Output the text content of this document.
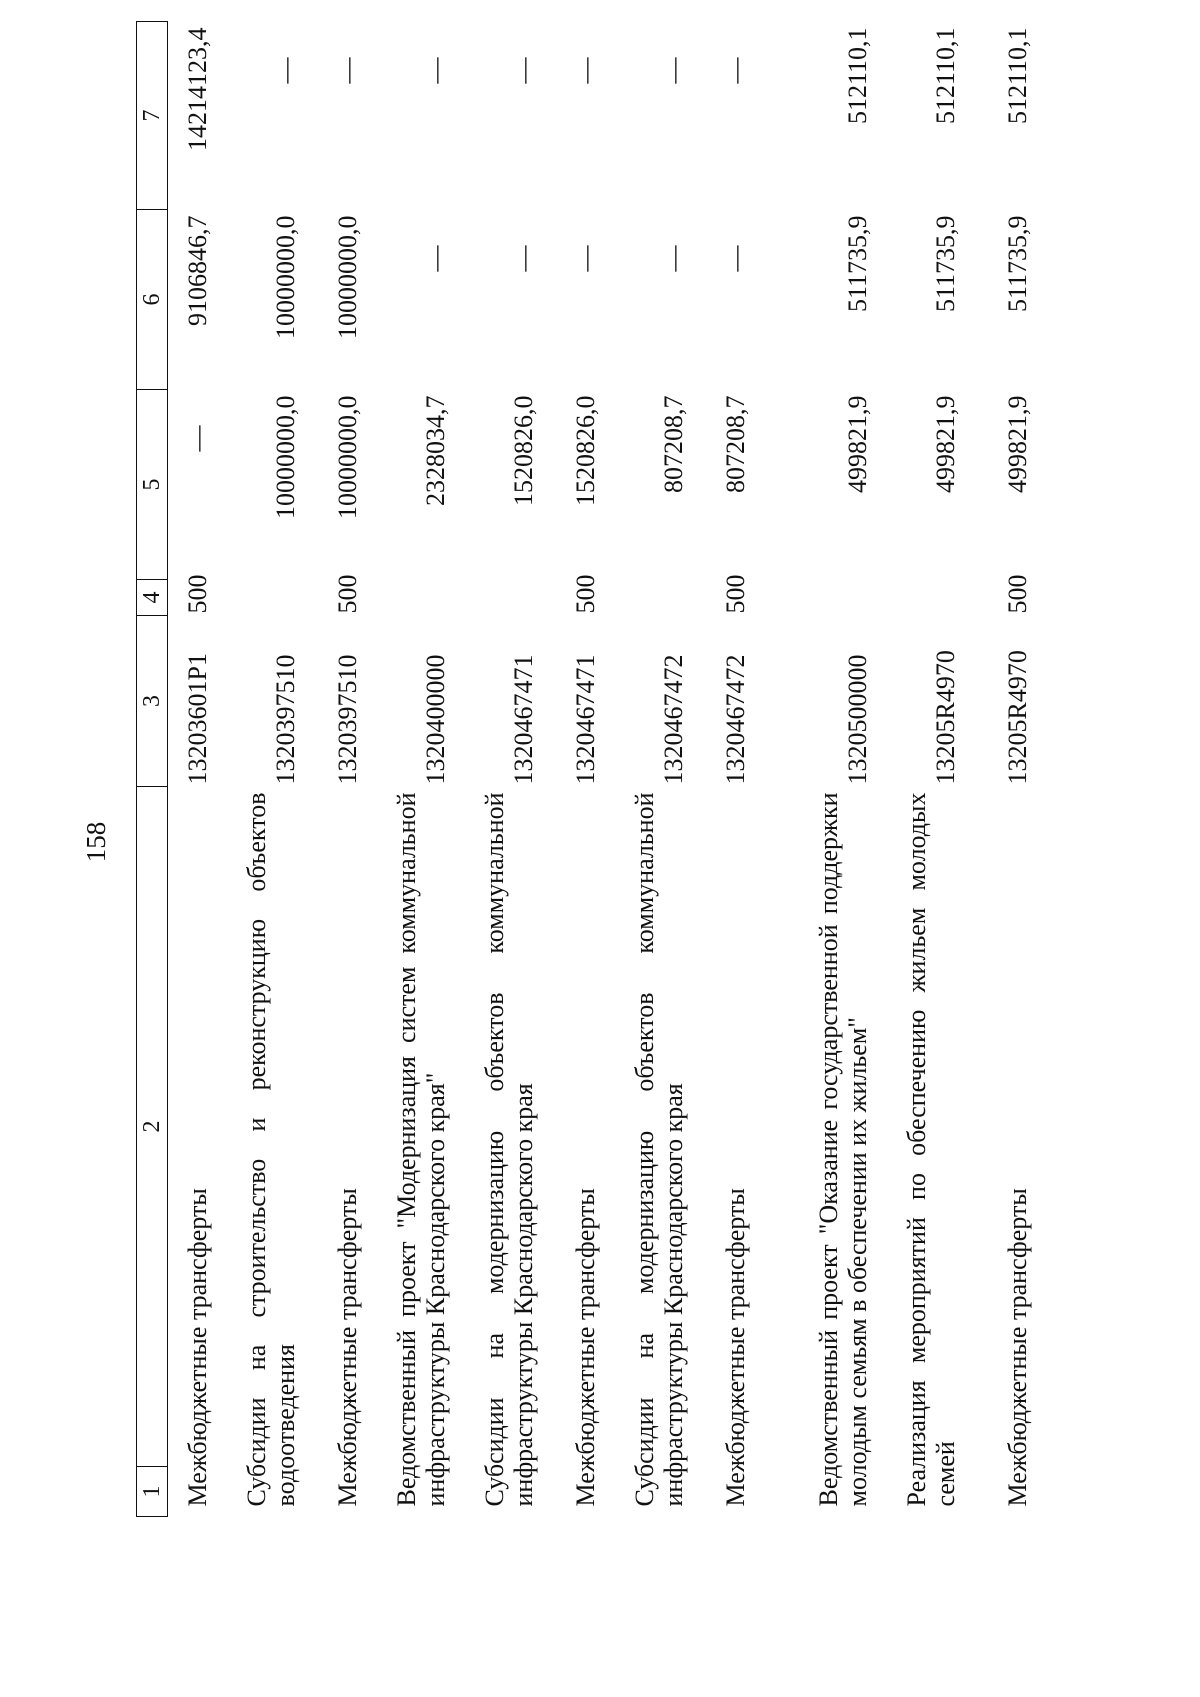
158
1	2	3	4	5	6	7
Межбюджетные трансферты		13203601P1	500	—	9106846,7	14214123,4
Субсидии на строительство и реконструкцию объектов водоотведения		1320397510		10000000,0	10000000,0	—
Межбюджетные трансферты		1320397510	500	10000000,0	10000000,0	—
Ведомственный проект "Модернизация систем коммунальной инфраструктуры Краснодарского края"		1320400000		2328034,7	—	—
Субсидии на модернизацию объектов коммунальной инфраструктуры Краснодарского края		1320467471		1520826,0	—	—
Межбюджетные трансферты		1320467471	500	1520826,0	—	—
Субсидии на модернизацию объектов коммунальной инфраструктуры Краснодарского края		1320467472		807208,7	—	—
Межбюджетные трансферты		1320467472	500	807208,7	—	—
Ведомственный проект "Оказание государственной поддержки молодым семьям в обеспечении их жильем"		1320500000		499821,9	511735,9	512110,1
Реализация мероприятий по обеспечению жильем молодых семей		13205R4970		499821,9	511735,9	512110,1
Межбюджетные трансферты		13205R4970	500	499821,9	511735,9	512110,1
